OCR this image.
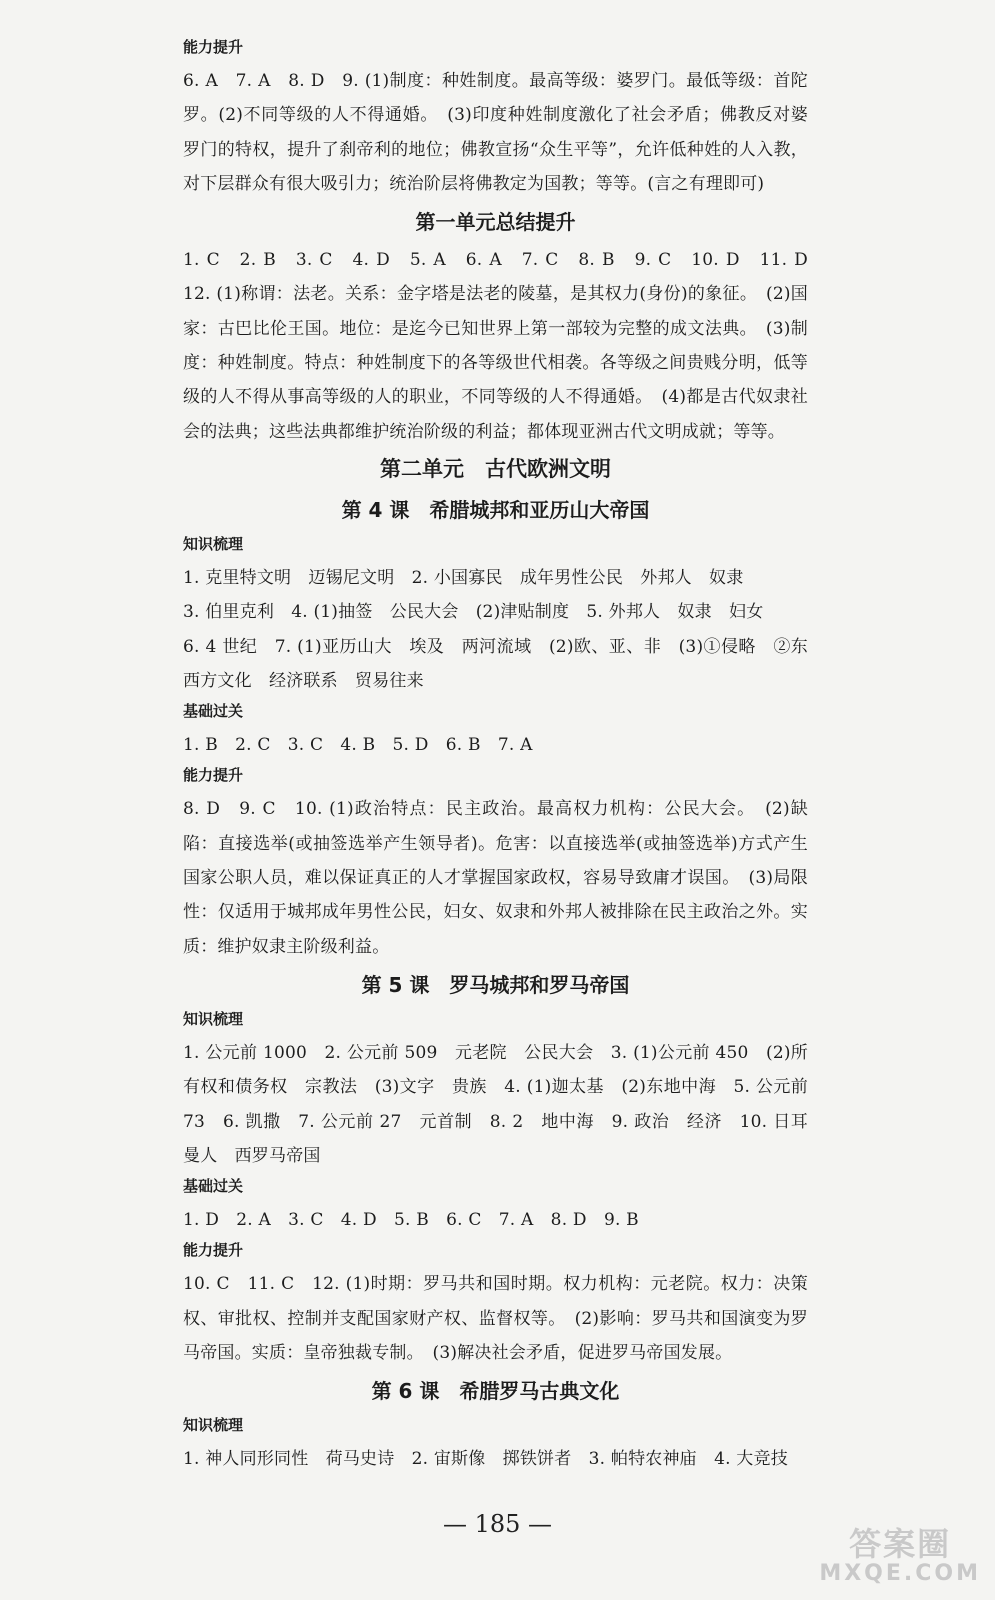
能力提升

6. A　7. A　8. D　9. (1)制度：种姓制度。最高等级：婆罗门。最低等级：首陀罗。(2)不同等级的人不得通婚。　(3)印度种姓制度激化了社会矛盾；佛教反对婆罗门的特权，提升了刹帝利的地位；佛教宣扬“众生平等”，允许低种姓的人入教，对下层群众有很大吸引力；统治阶层将佛教定为国教；等等。(言之有理即可)

第一单元总结提升

1. C　2. B　3. C　4. D　5. A　6. A　7. C　8. B　9. C　10. D　11. D　12. (1)称谓：法老。关系：金字塔是法老的陵墓，是其权力(身份)的象征。　(2)国家：古巴比伦王国。地位：是迄今已知世界上第一部较为完整的成文法典。　(3)制度：种姓制度。特点：种姓制度下的各等级世代相袭。各等级之间贵贱分明，低等级的人不得从事高等级的人的职业，不同等级的人不得通婚。　(4)都是古代奴隶社会的法典；这些法典都维护统治阶级的利益；都体现亚洲古代文明成就；等等。

第二单元　古代欧洲文明
第 4 课　希腊城邦和亚历山大帝国
知识梳理

1. 克里特文明　迈锡尼文明　2. 小国寡民　成年男性公民　外邦人　奴隶

3. 伯里克利　4. (1)抽签　公民大会　(2)津贴制度　5. 外邦人　奴隶　妇女

6. 4 世纪　7. (1)亚历山大　埃及　两河流域　(2)欧、亚、非　(3)①侵略　②东西方文化　经济联系　贸易往来

基础过关

1. B　2. C　3. C　4. B　5. D　6. B　7. A

能力提升

8. D　9. C　10. (1)政治特点：民主政治。最高权力机构：公民大会。　(2)缺陷：直接选举(或抽签选举产生领导者)。危害：以直接选举(或抽签选举)方式产生国家公职人员，难以保证真正的人才掌握国家政权，容易导致庸才误国。　(3)局限性：仅适用于城邦成年男性公民，妇女、奴隶和外邦人被排除在民主政治之外。实质：维护奴隶主阶级利益。

第 5 课　罗马城邦和罗马帝国
知识梳理

1. 公元前 1000　2. 公元前 509　元老院　公民大会　3. (1)公元前 450　(2)所有权和债务权　宗教法　(3)文字　贵族　4. (1)迦太基　(2)东地中海　5. 公元前 73　6. 凯撒　7. 公元前 27　元首制　8. 2　地中海　9. 政治　经济　10. 日耳曼人　西罗马帝国

基础过关

1. D　2. A　3. C　4. D　5. B　6. C　7. A　8. D　9. B

能力提升

10. C　11. C　12. (1)时期：罗马共和国时期。权力机构：元老院。权力：决策权、审批权、控制并支配国家财产权、监督权等。　(2)影响：罗马共和国演变为罗马帝国。实质：皇帝独裁专制。　(3)解决社会矛盾，促进罗马帝国发展。

第 6 课　希腊罗马古典文化
知识梳理

1. 神人同形同性　荷马史诗　2. 宙斯像　掷铁饼者　3. 帕特农神庙　4. 大竞技

— 185 —
答案圈
MXQE.COM
